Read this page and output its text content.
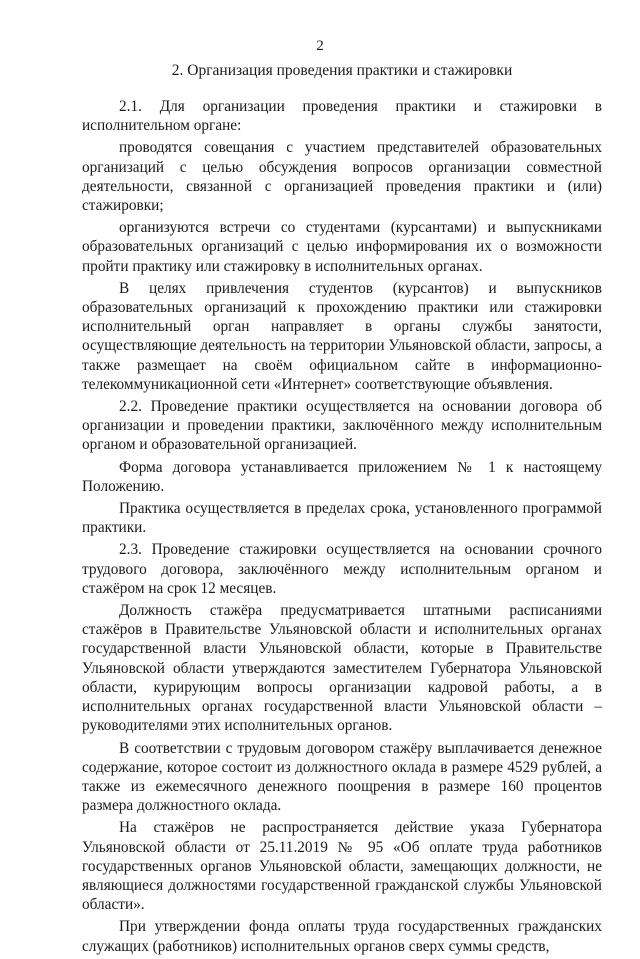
2
2. Организация проведения практики и стажировки

2.1. Для организации проведения практики и стажировки в исполнительном органе:

проводятся совещания с участием представителей образовательных организаций с целью обсуждения вопросов организации совместной деятельности, связанной с организацией проведения практики и (или) стажировки;

организуются встречи со студентами (курсантами) и выпускниками образовательных организаций с целью информирования их о возможности пройти практику или стажировку в исполнительных органах.

В целях привлечения студентов (курсантов) и выпускников образовательных организаций к прохождению практики или стажировки исполнительный орган направляет в органы службы занятости, осуществляющие деятельность на территории Ульяновской области, запросы, а также размещает на своём официальном сайте в информационно-телекоммуникационной сети «Интернет» соответствующие объявления.

2.2. Проведение практики осуществляется на основании договора об организации и проведении практики, заключённого между исполнительным органом и образовательной организацией.

Форма договора устанавливается приложением № 1 к настоящему Положению.

Практика осуществляется в пределах срока, установленного программой практики.

2.3. Проведение стажировки осуществляется на основании срочного трудового договора, заключённого между исполнительным органом и стажёром на срок 12 месяцев.

Должность стажёра предусматривается штатными расписаниями стажёров в Правительстве Ульяновской области и исполнительных органах государственной власти Ульяновской области, которые в Правительстве Ульяновской области утверждаются заместителем Губернатора Ульяновской области, курирующим вопросы организации кадровой работы, а в исполнительных органах государственной власти Ульяновской области – руководителями этих исполнительных органов.

В соответствии с трудовым договором стажёру выплачивается денежное содержание, которое состоит из должностного оклада в размере 4529 рублей, а также из ежемесячного денежного поощрения в размере 160 процентов размера должностного оклада.

На стажёров не распространяется действие указа Губернатора Ульяновской области от 25.11.2019 № 95 «Об оплате труда работников государственных органов Ульяновской области, замещающих должности, не являющиеся должностями государственной гражданской службы Ульяновской области».

При утверждении фонда оплаты труда государственных гражданских служащих (работников) исполнительных органов сверх суммы средств,
